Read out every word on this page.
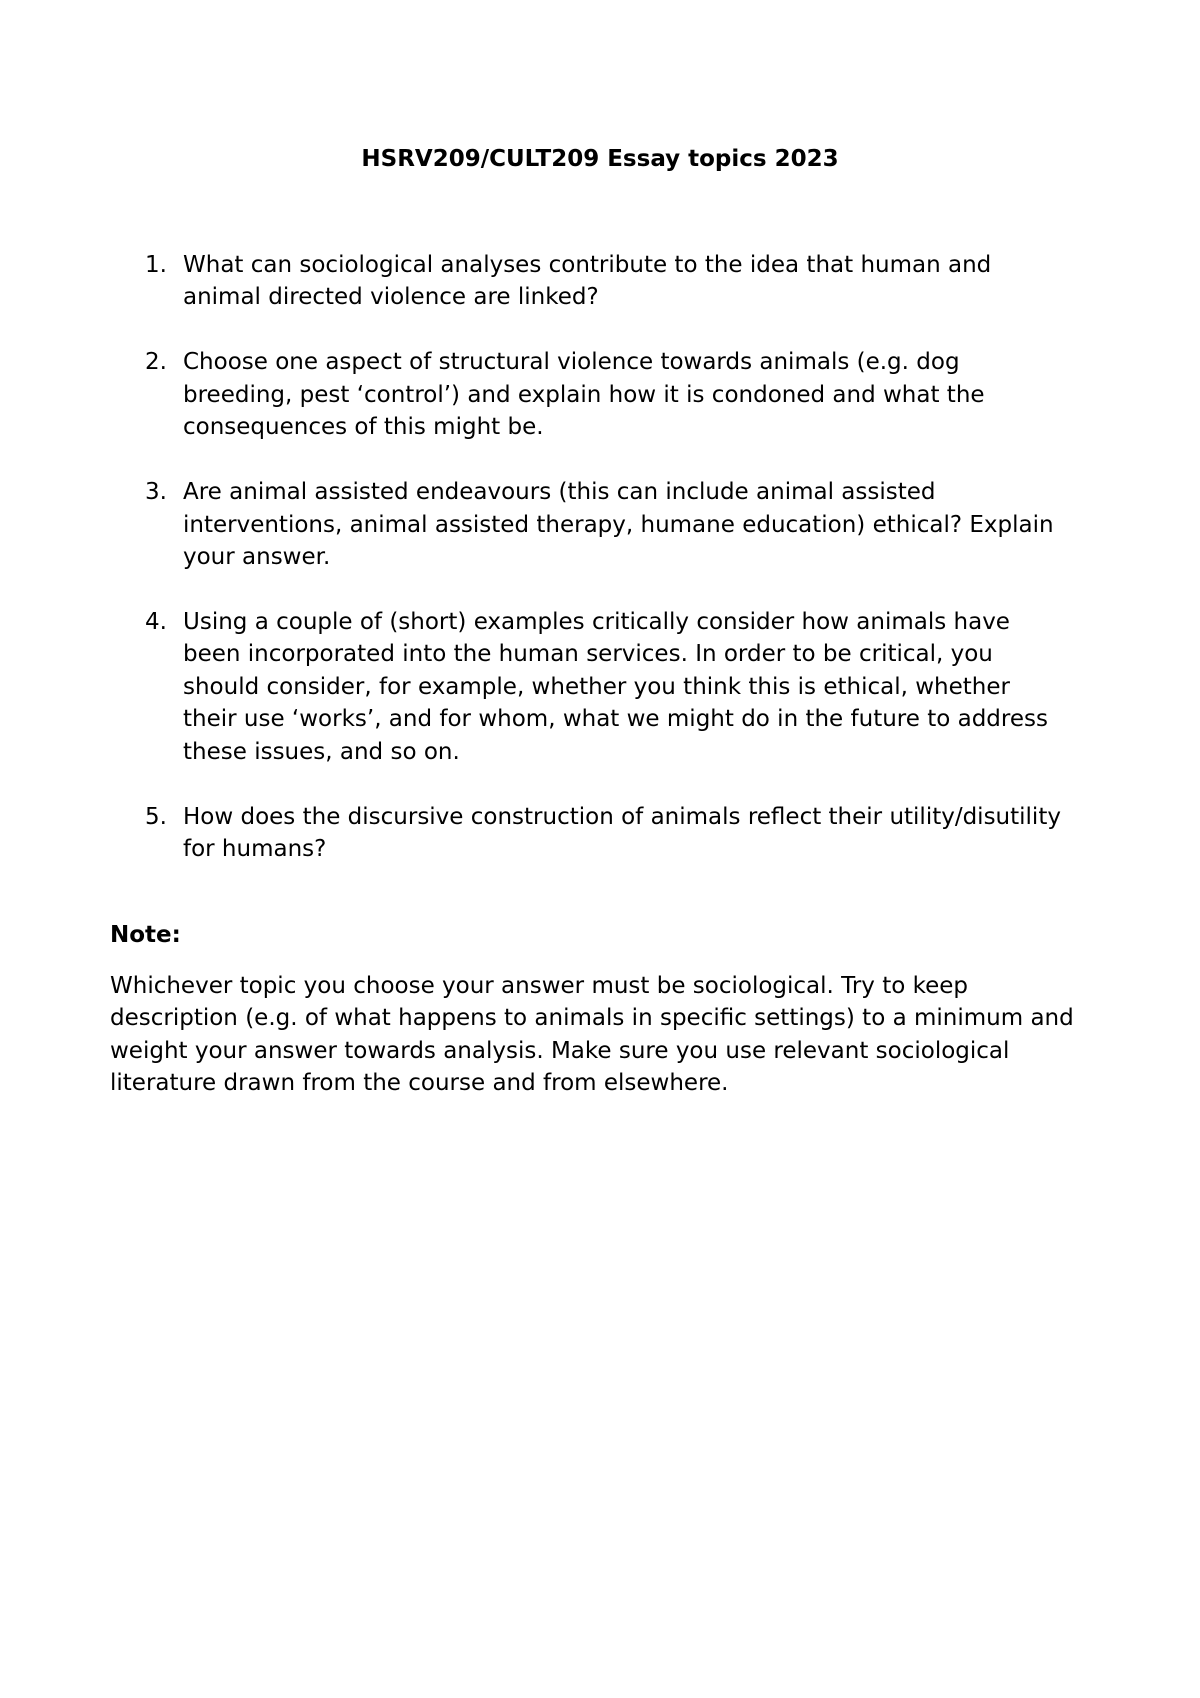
HSRV209/CULT209 Essay topics 2023
1. What can sociological analyses contribute to the idea that human and animal directed violence are linked?
2. Choose one aspect of structural violence towards animals (e.g. dog breeding, pest ‘control’) and explain how it is condoned and what the consequences of this might be.
3. Are animal assisted endeavours (this can include animal assisted interventions, animal assisted therapy, humane education) ethical? Explain your answer.
4. Using a couple of (short) examples critically consider how animals have been incorporated into the human services. In order to be critical, you should consider, for example, whether you think this is ethical, whether their use ‘works’, and for whom, what we might do in the future to address these issues, and so on.
5. How does the discursive construction of animals reflect their utility/disutility for humans?

Note:

Whichever topic you choose your answer must be sociological. Try to keep description (e.g. of what happens to animals in specific settings) to a minimum and weight your answer towards analysis. Make sure you use relevant sociological literature drawn from the course and from elsewhere.
